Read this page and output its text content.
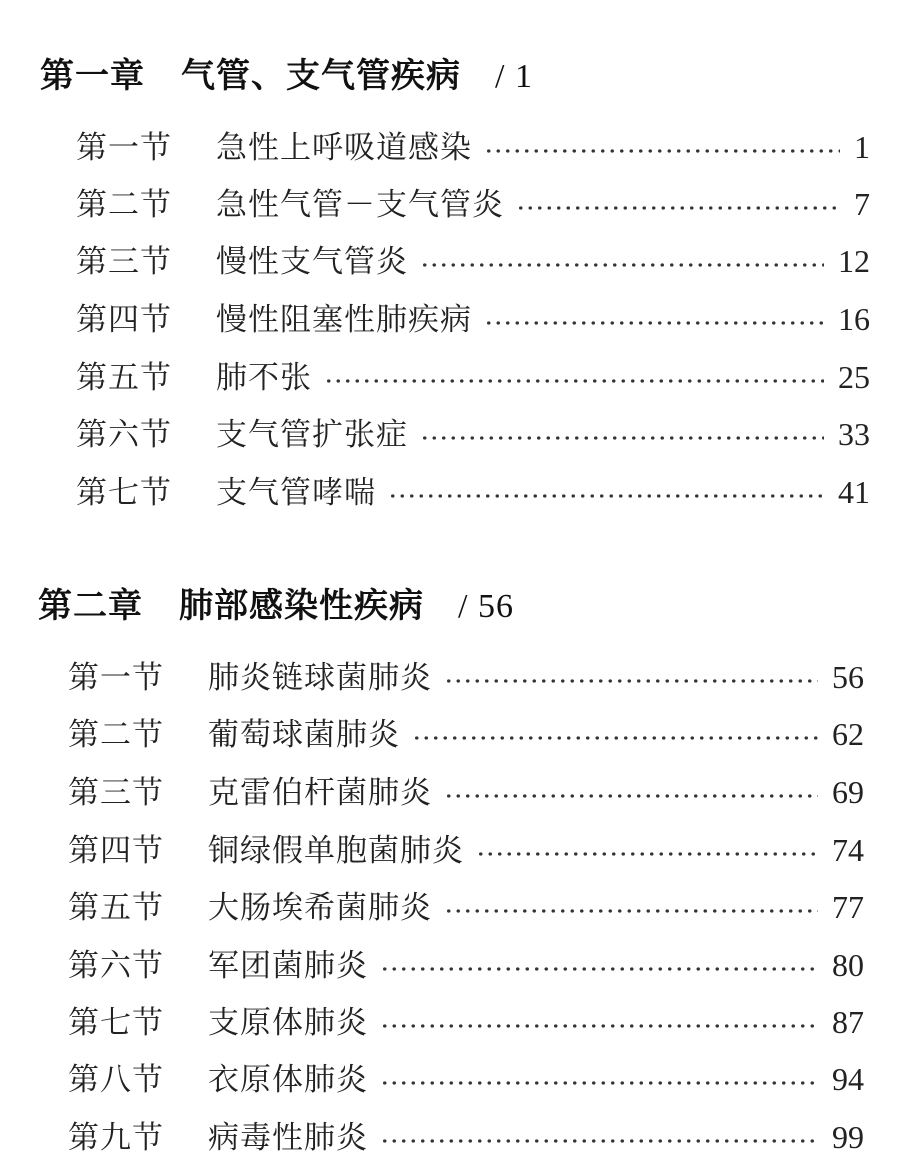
第一章 气管、支气管疾病 / 1
第一节	急性上呼吸道感染	1
第二节	急性气管－支气管炎	7
第三节	慢性支气管炎	12
第四节	慢性阻塞性肺疾病	16
第五节	肺不张	25
第六节	支气管扩张症	33
第七节	支气管哮喘	41
第二章 肺部感染性疾病 / 56
第一节	肺炎链球菌肺炎	56
第二节	葡萄球菌肺炎	62
第三节	克雷伯杆菌肺炎	69
第四节	铜绿假单胞菌肺炎	74
第五节	大肠埃希菌肺炎	77
第六节	军团菌肺炎	80
第七节	支原体肺炎	87
第八节	衣原体肺炎	94
第九节	病毒性肺炎	99
